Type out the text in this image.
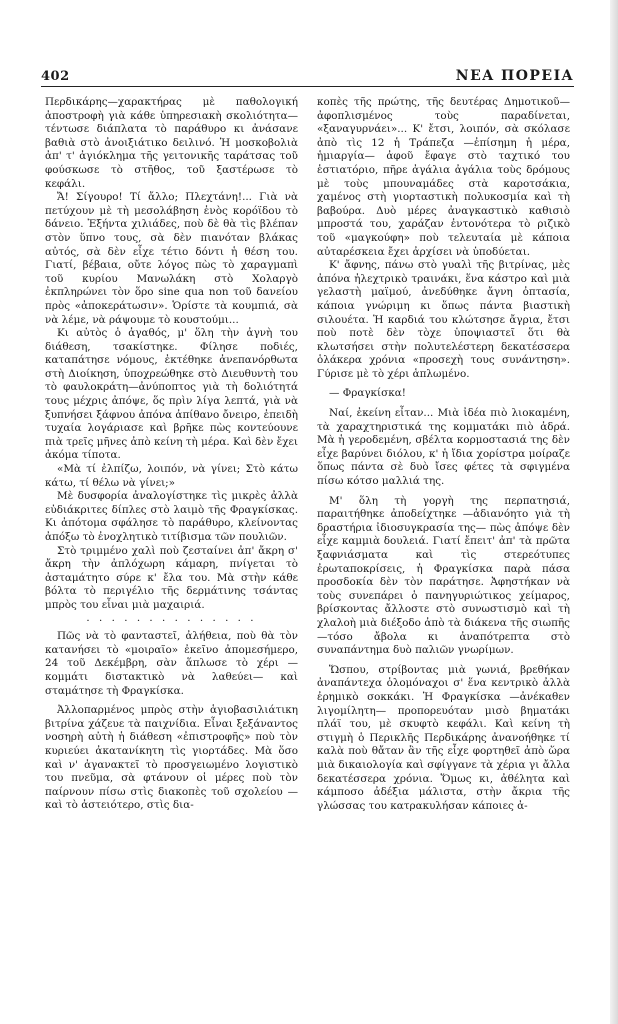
402	ΝΕΑ ΠΟΡΕΙΑ

Περδικάρης—χαρακτήρας μὲ παθολογική ἀποστροφὴ γιὰ κάθε ὑπηρεσιακὴ σκολιότητα—τέντωσε διάπλατα τὸ παράθυρο κι ἀνάσανε βαθιὰ στὸ ἀνοιξιάτικο δειλινό. Ἡ μοσκοβολιὰ ἀπ' τ' ἀγιόκλημα τῆς γειτονικῆς ταράτσας τοῦ φούσκωσε τὸ στῆθος, τοῦ ξαστέρωσε τὸ κεφάλι.

Ἄ! Σίγουρο! Τί ἄλλο; Πλεχτάνη!... Γιὰ νὰ πετύχουν μὲ τὴ μεσολάβηση ἑνὸς κορόϊδου τὸ δάνειο. Ἐξήντα χιλιάδες, ποὺ δὲ θὰ τὶς βλέπαν στὸν ὕπνο τους, σὰ δὲν πιανόταν βλάκας αὐτός, σὰ δὲν εἶχε τέτιο δόντι ἡ θέση του. Γιατί, βέβαια, οὔτε λόγος πὼς τὸ χαραγμαπὶ τοῦ κυρίου Μανωλάκη στὸ Χολαργὸ ἐκπληρώνει τὸν ὅρο sine qua non τοῦ δανείου πρὸς «ἀποκεράτωσιν». Ὁρίστε τὰ κουμπιά, σὰ νὰ λέμε, νὰ ράψουμε τὸ κουστούμι...

Κι αὐτὸς ὁ ἀγαθός, μ' ὅλη τὴν ἀγνὴ του διάθεση, τσακίστηκε. Φίλησε ποδιές, καταπάτησε νόμους, ἐκτέθηκε ἀνεπανόρθωτα στὴ Διοίκηση, ὑποχρεώθηκε στὸ Διευθυντὴ του τὸ φαυλοκράτη—ἀνύποπτος γιὰ τὴ δολιότητά τους μέχρις ἀπόψε, ὅς πρὶν λίγα λεπτά, γιὰ νὰ ξυπνήσει ξάφνου ἀπόνα ἀπίθανο ὄνειρο, ἐπειδὴ τυχαία λογάριασε καὶ βρῆκε πὼς κοντεύουνε πιὰ τρεῖς μῆνες ἀπὸ κείνη τὴ μέρα. Καὶ δὲν ἔχει ἀκόμα τίποτα.

«Μὰ τί ἐλπίζω, λοιπόν, νὰ γίνει; Στὸ κάτω κάτω, τί θέλω νὰ γίνει;»

Μὲ δυσφορία ἀναλογίστηκε τὶς μικρὲς ἀλλὰ εὐδιάκριτες δίπλες στὸ λαιμὸ τῆς Φραγκίσκας. Κι ἀπότομα σφάλησε τὸ παράθυρο, κλείνοντας ἀπόξω τὸ ἐνοχλητικὸ τιτίβισμα τῶν πουλιῶν.

Στὸ τριμμένο χαλὶ ποὺ ζεσταίνει ἀπ' ἄκρη σ' ἄκρη τὴν ἀπλόχωρη κάμαρη, πνίγεται τὸ ἀσταμάτητο σύρε κ' ἔλα του. Μὰ στὴν κάθε βόλτα τὸ περιγέλιο τῆς δερμάτινης τσάντας μπρὸς του εἶναι μιὰ μαχαιριά.

· · · · · · · · · · · · · ·

Πῶς νὰ τὸ φανταστεῖ, ἀλήθεια, ποὺ θὰ τὸν κατανήσει τὸ «μοιραῖο» ἐκεῖνο ἀπομεσήμερο, 24 τοῦ Δεκέμβρη, σὰν ἅπλωσε τὸ χέρι —κομμάτι διστακτικὸ νὰ λαθεύει— καὶ σταμάτησε τὴ Φραγκίσκα.

Ἀλλοπαρμένος μπρὸς στὴν ἁγιοβασιλιάτικη βιτρίνα χάζευε τὰ παιχνίδια. Εἶναι ξεξάναντος νοσηρὴ αὐτὴ ἡ διάθεση «ἐπιστροφῆς» ποὺ τὸν κυριεύει ἀκατανίκητη τὶς γιορτάδες. Μὰ ὅσο καὶ ν' ἀγανακτεῖ τὸ προσγειωμένο λογιστικὸ του πνεῦμα, σὰ φτάνουν οἱ μέρες ποὺ τὸν παίρνουν πίσω στὶς διακοπὲς τοῦ σχολείου —καὶ τὸ ἀστειότερο, στὶς δια-

κοπὲς τῆς πρώτης, τῆς δευτέρας Δημοτικοῦ— ἀφοπλισμένος τοὺς παραδίνεται, «ξαναγυρνάει»... Κ' ἔτσι, λοιπόν, σὰ σκόλασε ἀπὸ τὶς 12 ἡ Τράπεζα —ἐπίσημη ἡ μέρα, ἡμιαργία— ἀφοῦ ἔφαγε στὸ ταχτικό του ἑστιατόριο, πῆρε ἀγάλια ἀγάλια τοὺς δρόμους μὲ τοὺς μπουναμάδες στὰ καροτσάκια, χαμένος στὴ γιορταστικὴ πολυκοσμία καὶ τὴ βαβούρα. Δυὸ μέρες ἀναγκαστικὸ καθισιὸ μπροστά του, χαράζαν ἐντονότερα τὸ ριζικὸ τοῦ «μαγκούφη» ποὺ τελευταία μὲ κάποια αὐταρέσκεια ἔχει ἀρχίσει νὰ ὑποδύεται.

Κ' ἄφνης, πάνω στὸ γυαλὶ τῆς βιτρίνας, μὲς ἀπόνα ἠλεχτρικὸ τραινάκι, ἕνα κάστρο καὶ μιὰ γελαστὴ μαϊμού, ἀνεδύθηκε ἄγνη ὀπτασία, κάποια γνώριμη κι ὅπως πάντα βιαστικὴ σιλουέτα. Ἡ καρδιά του κλώτσησε ἄγρια, ἔτσι ποὺ ποτὲ δὲν τὸχε ὑποψιαστεῖ ὅτι θὰ κλωτσήσει στὴν πολυτελέστερη δεκατέσσερα ὁλάκερα χρόνια «προσεχὴ τους συνάντηση». Γύρισε μὲ τὸ χέρι ἁπλωμένο.

— Φραγκίσκα!

Ναί, ἐκείνη εἶταν... Μιὰ ἰδέα πιὸ λιοκαμένη, τὰ χαραχτηριστικά της κομματάκι πιὸ ἀδρά. Μὰ ἡ γεροδεμένη, σβέλτα κορμοστασιά της δὲν εἶχε βαρύνει διόλου, κ' ἡ ἴδια χορίστρα μοίραζε ὅπως πάντα σὲ δυὸ ἴσες φέτες τὰ σφιγμένα πίσω κότσο μαλλιά της.

Μ' ὅλη τὴ γοργὴ της περπατησιά, παραιτήθηκε ἀποδείχτηκε —ἀδιανόητο γιὰ τὴ δραστήρια ἰδιοσυγκρασία της— πὼς ἀπόψε δὲν εἶχε καμμιὰ δουλειά. Γιατί ἔπειτ' ἀπ' τὰ πρῶτα ξαφνιάσματα καὶ τὶς στερεότυπες ἐρωταποκρίσεις, ἡ Φραγκίσκα παρὰ πάσα προσδοκία δὲν τὸν παράτησε. Ἀφηστήκαν νὰ τοὺς συνεπάρει ὁ πανηγυριώτικος χείμαρος, βρίσκοντας ἄλλοστε στὸ συνωστισμὸ καὶ τὴ χλαλοὴ μιὰ διέξοδο ἀπὸ τὰ διάκενα τῆς σιωπῆς —τόσο ἄβολα κι ἀναπότρεπτα στὸ συναπάντημα δυὸ παλιῶν γνωρίμων.

Ὥσπου, στρίβοντας μιὰ γωνιά, βρεθήκαν ἀναπάντεχα ὁλομόναχοι σ' ἕνα κεντρικὸ ἀλλὰ ἐρημικὸ σοκκάκι. Ἡ Φραγκίσκα —ἀνέκαθεν λιγομίλητη— προπορευόταν μισὸ βηματάκι πλάϊ του, μὲ σκυφτὸ κεφάλι. Καὶ κείνη τὴ στιγμὴ ὁ Περικλῆς Περδικάρης ἀνανοήθηκε τί καλὰ ποὺ θἄταν ἂν τῆς εἶχε φορτηθεῖ ἀπὸ ὥρα μιὰ δικαιολογία καὶ σφίγγανε τὰ χέρια γι ἄλλα δεκατέσσερα χρόνια. Ὅμως κι, ἀθέλητα καὶ κάμποσο ἀδέξια μάλιστα, στὴν ἄκρια τῆς γλώσσας του κατρακυλήσαν κάποιες ἀ-
